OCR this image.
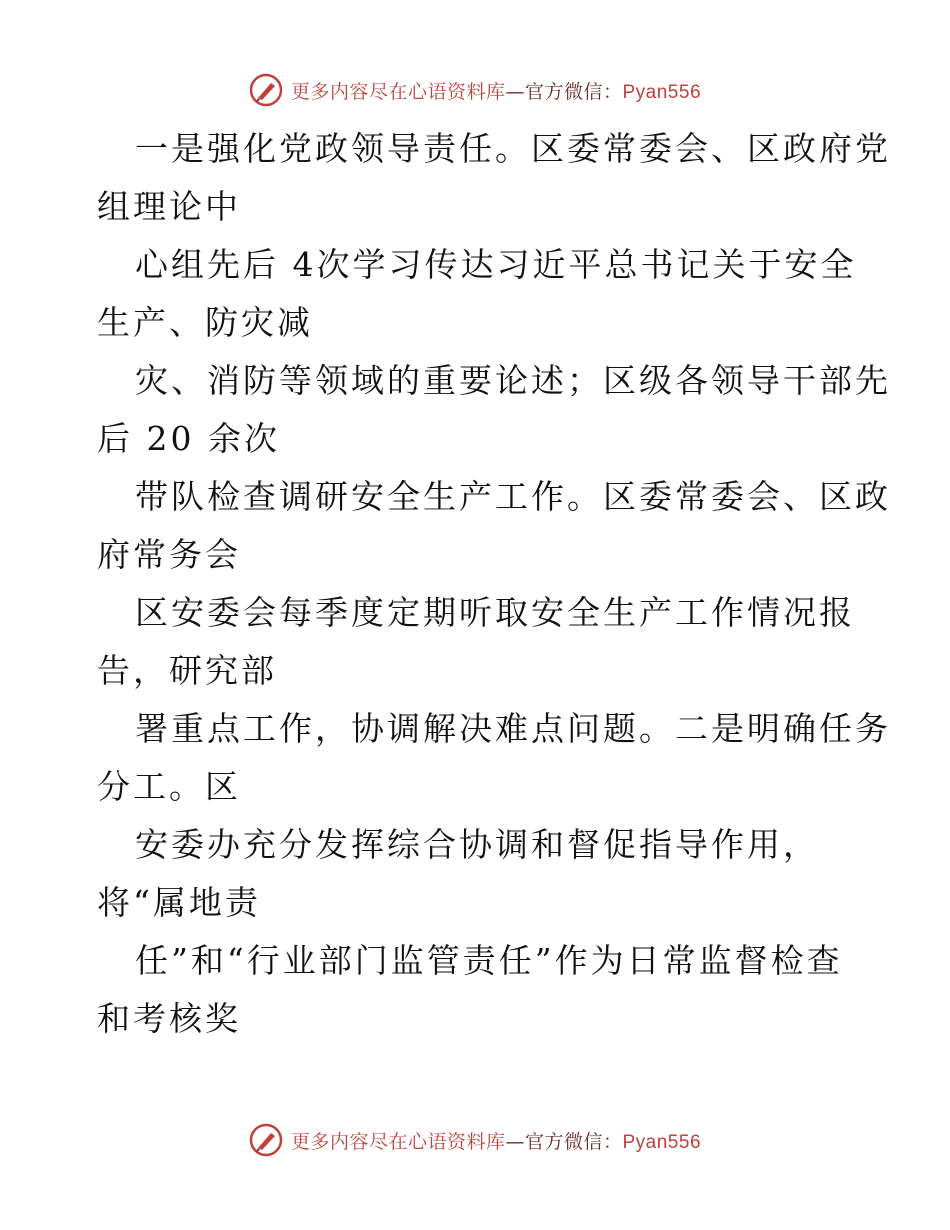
更多内容尽在心语资料库—官方微信：Pyan556
一是强化党政领导责任。区委常委会、区政府党
组理论中
心组先后 4次学习传达习近平总书记关于安全
生产、防灾减
灾、消防等领域的重要论述；区级各领导干部先
后 20 余次
带队检查调研安全生产工作。区委常委会、区政
府常务会
区安委会每季度定期听取安全生产工作情况报
告，研究部
署重点工作，协调解决难点问题。二是明确任务
分工。区
安委办充分发挥综合协调和督促指导作用，
将“属地责
任”和“行业部门监管责任”作为日常监督检查
和考核奖
更多内容尽在心语资料库—官方微信：Pyan556
